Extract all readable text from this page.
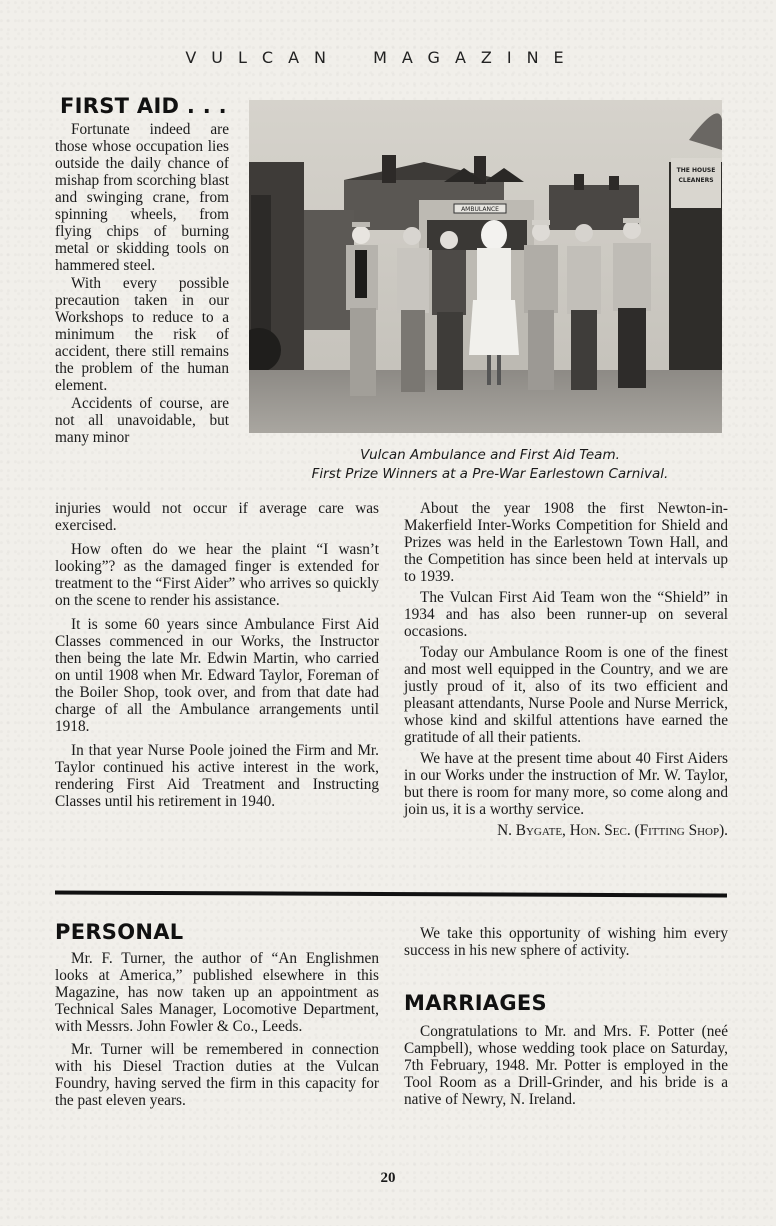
VULCAN MAGAZINE
FIRST AID . . .

Fortunate indeed are those whose occupation lies outside the daily chance of mishap from scorching blast and swinging crane, from spinning wheels, from flying chips of burning metal or skidding tools on hammered steel.

With every possible precaution taken in our Workshops to reduce to a minimum the risk of accident, there still remains the problem of the human element.

Accidents of course, are not all unavoidable, but many minor

AMBULANCE
THE HOUSE
CLEANERS
Vulcan Ambulance and First Aid Team.
First Prize Winners at a Pre-War Earlestown Carnival.

injuries would not occur if average care was exercised.

How often do we hear the plaint “I wasn’t looking”? as the damaged finger is extended for treatment to the “First Aider” who arrives so quickly on the scene to render his assistance.

It is some 60 years since Ambulance First Aid Classes commenced in our Works, the Instructor then being the late Mr. Edwin Martin, who carried on until 1908 when Mr. Edward Taylor, Foreman of the Boiler Shop, took over, and from that date had charge of all the Ambulance arrangements until 1918.

In that year Nurse Poole joined the Firm and Mr. Taylor continued his active interest in the work, rendering First Aid Treatment and Instructing Classes until his retirement in 1940.

About the year 1908 the first Newton-in-Makerfield Inter-Works Competition for Shield and Prizes was held in the Earlestown Town Hall, and the Competition has since been held at intervals up to 1939.

The Vulcan First Aid Team won the “Shield” in 1934 and has also been runner-up on several occasions.

Today our Ambulance Room is one of the finest and most well equipped in the Country, and we are justly proud of it, also of its two efficient and pleasant attendants, Nurse Poole and Nurse Merrick, whose kind and skilful attentions have earned the gratitude of all their patients.

We have at the present time about 40 First Aiders in our Works under the instruction of Mr. W. Taylor, but there is room for many more, so come along and join us, it is a worthy service.

N. Bygate, Hon. Sec. (Fitting Shop).

PERSONAL

Mr. F. Turner, the author of “An Englishmen looks at America,” published elsewhere in this Magazine, has now taken up an appointment as Technical Sales Manager, Locomotive Department, with Messrs. John Fowler & Co., Leeds.

Mr. Turner will be remembered in connection with his Diesel Traction duties at the Vulcan Foundry, having served the firm in this capacity for the past eleven years.

We take this opportunity of wishing him every success in his new sphere of activity.

MARRIAGES

Congratulations to Mr. and Mrs. F. Potter (neé Campbell), whose wedding took place on Saturday, 7th February, 1948. Mr. Potter is employed in the Tool Room as a Drill-Grinder, and his bride is a native of Newry, N. Ireland.

20
